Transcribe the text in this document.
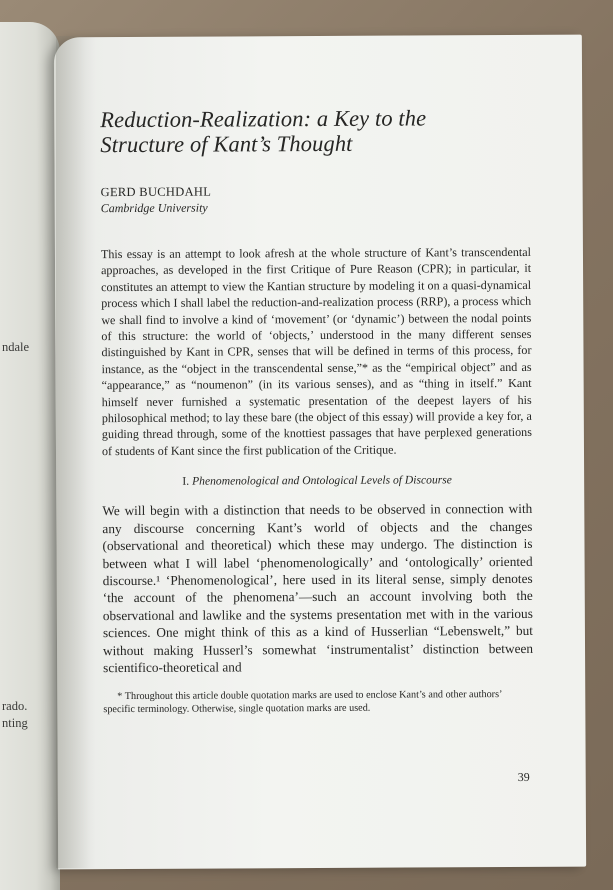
ndale
rado.
nting
Reduction-Realization: a Key to the
Structure of Kant’s Thought
GERD BUCHDAHL
Cambridge University

This essay is an attempt to look afresh at the whole structure of Kant’s transcendental approaches, as developed in the first Critique of Pure Reason (CPR); in particular, it constitutes an attempt to view the Kantian structure by modeling it on a quasi-dynamical process which I shall label the reduction-and-realization process (RRP), a process which we shall find to involve a kind of ‘movement’ (or ‘dynamic’) between the nodal points of this structure: the world of ‘objects,’ understood in the many different senses distinguished by Kant in CPR, senses that will be defined in terms of this process, for instance, as the “object in the transcendental sense,”* as the “empirical object” and as “appearance,” as “noumenon” (in its various senses), and as “thing in itself.” Kant himself never furnished a systematic presentation of the deepest layers of his philosophical method; to lay these bare (the object of this essay) will provide a key for, a guiding thread through, some of the knottiest passages that have perplexed generations of students of Kant since the first publication of the Critique.

I. Phenomenological and Ontological Levels of Discourse

We will begin with a distinction that needs to be observed in connection with any discourse concerning Kant’s world of objects and the changes (observational and theoretical) which these may undergo. The distinction is between what I will label ‘phenomenologically’ and ‘ontologically’ oriented discourse.¹ ‘Phenomenological’, here used in its literal sense, simply denotes ‘the account of the phenomena’—such an account involving both the observational and lawlike and the systems presentation met with in the various sciences. One might think of this as a kind of Husserlian “Lebenswelt,” but without making Husserl’s somewhat ‘instrumentalist’ distinction between scientifico-theoretical and

* Throughout this article double quotation marks are used to enclose Kant’s and other authors’ specific terminology. Otherwise, single quotation marks are used.

39
